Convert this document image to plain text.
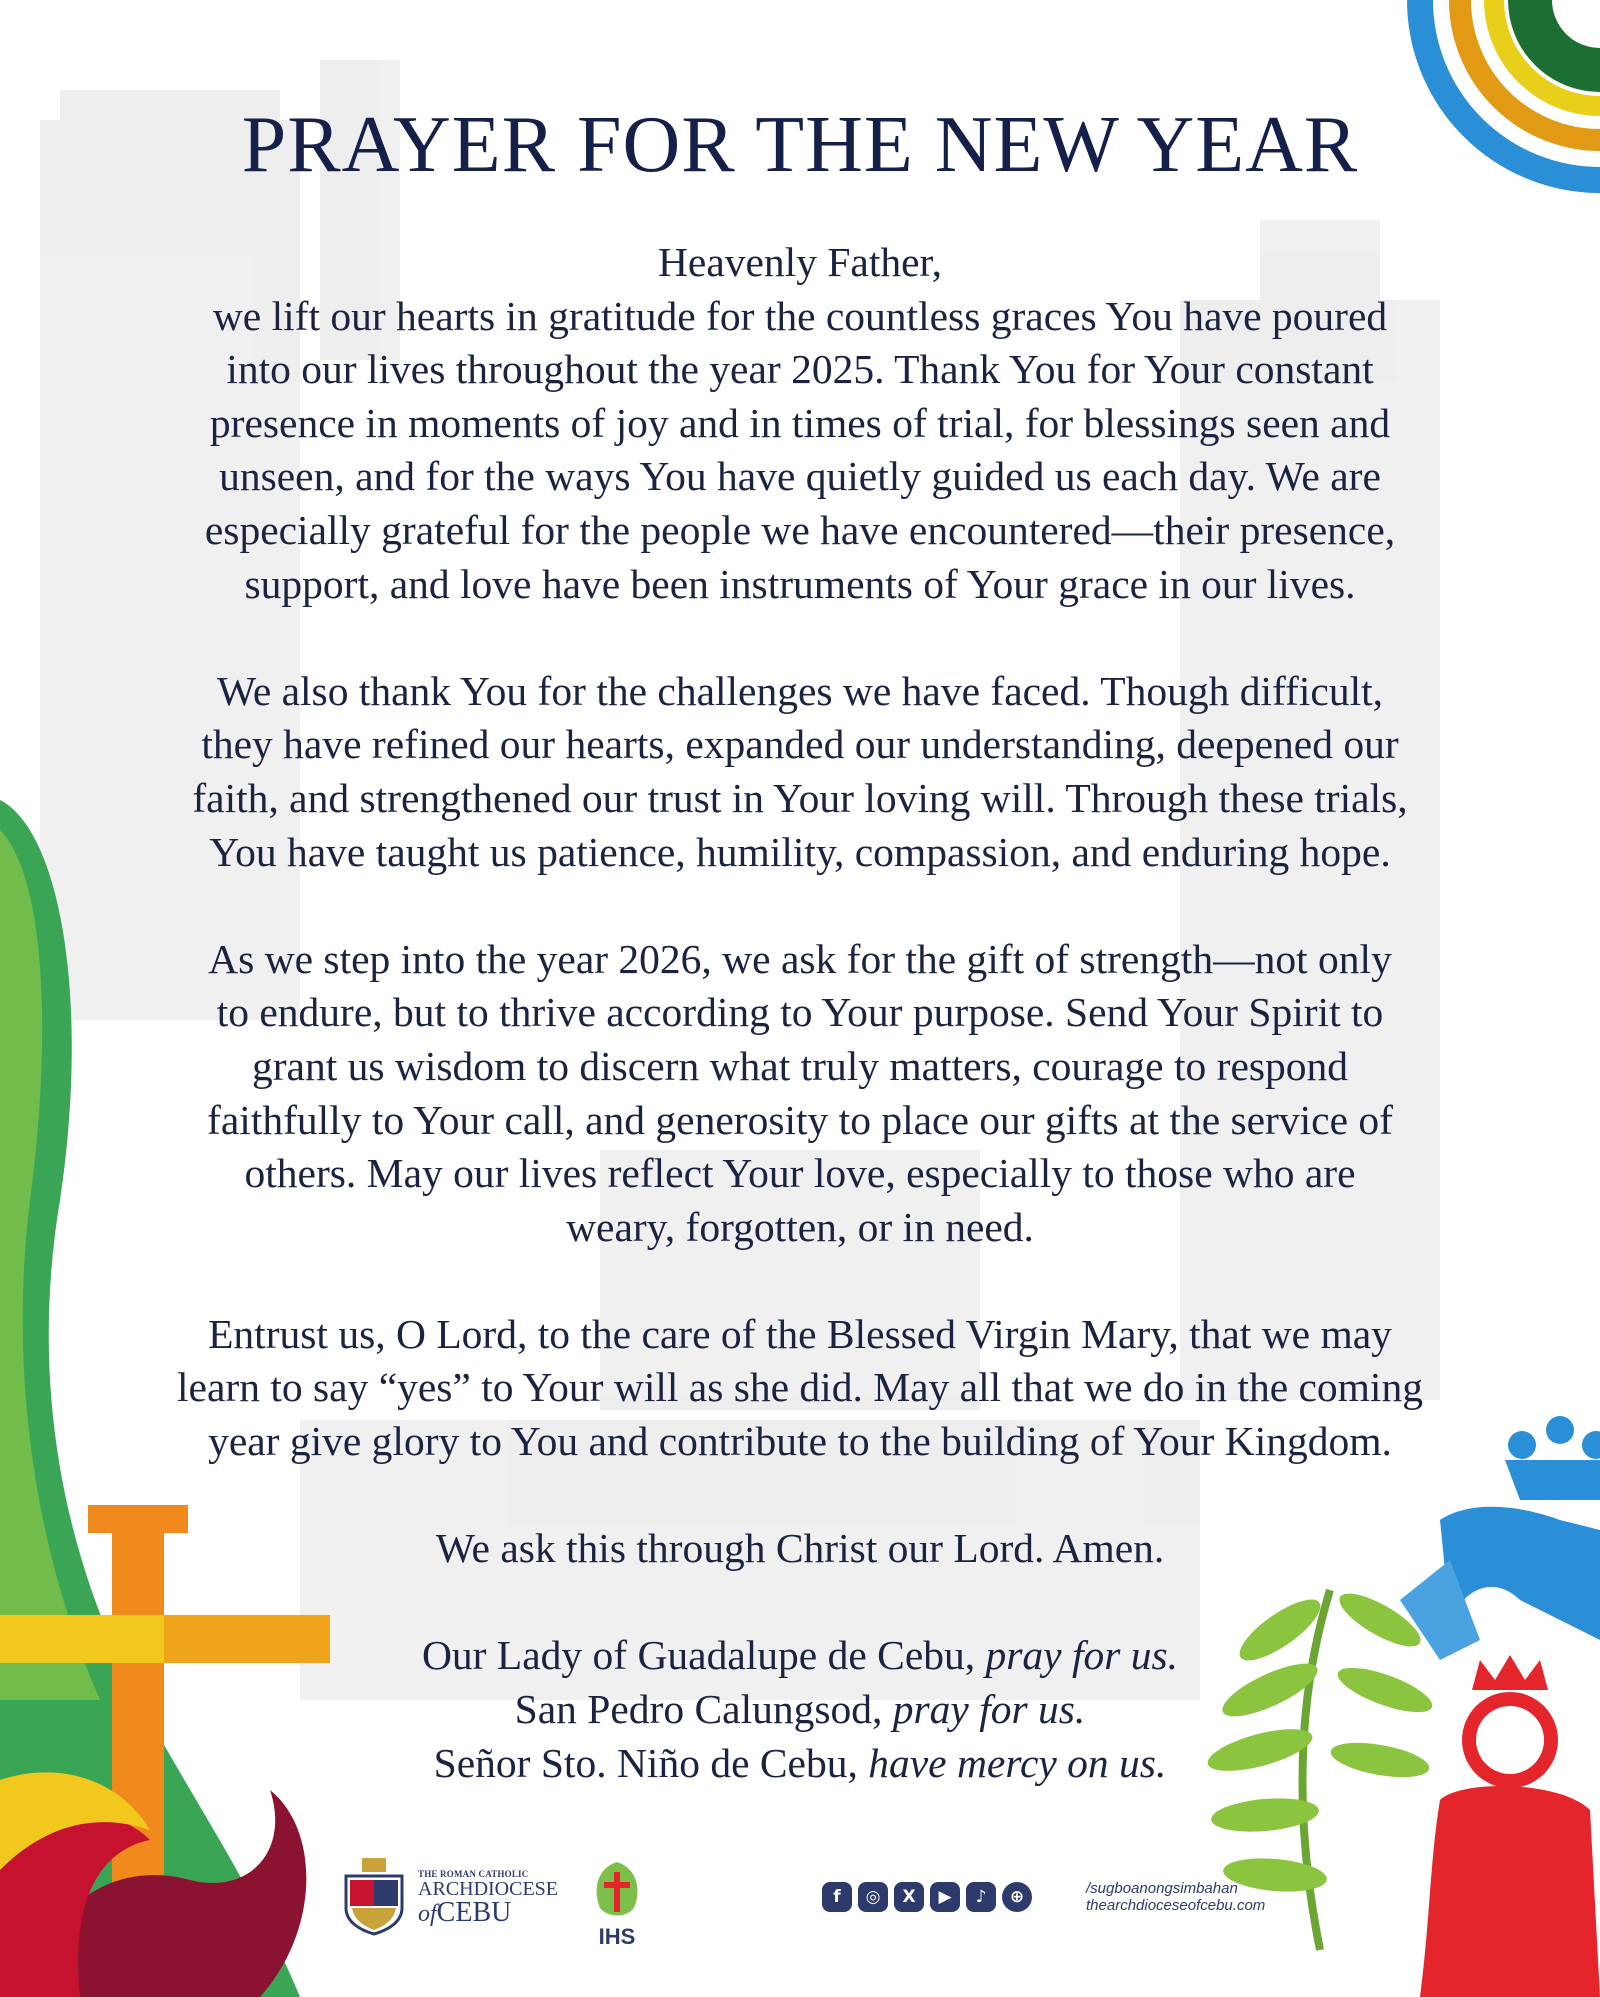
PRAYER FOR THE NEW YEAR

Heavenly Father,
we lift our hearts in gratitude for the countless graces You have poured
into our lives throughout the year 2025. Thank You for Your constant
presence in moments of joy and in times of trial, for blessings seen and
unseen, and for the ways You have quietly guided us each day. We are
especially grateful for the people we have encountered—their presence,
support, and love have been instruments of Your grace in our lives.

We also thank You for the challenges we have faced. Though difficult,
they have refined our hearts, expanded our understanding, deepened our
faith, and strengthened our trust in Your loving will. Through these trials,
You have taught us patience, humility, compassion, and enduring hope.

As we step into the year 2026, we ask for the gift of strength—not only
to endure, but to thrive according to Your purpose. Send Your Spirit to
grant us wisdom to discern what truly matters, courage to respond
faithfully to Your call, and generosity to place our gifts at the service of
others. May our lives reflect Your love, especially to those who are
weary, forgotten, or in need.

Entrust us, O Lord, to the care of the Blessed Virgin Mary, that we may
learn to say “yes” to Your will as she did. May all that we do in the coming
year give glory to You and contribute to the building of Your Kingdom.

We ask this through Christ our Lord. Amen.

Our Lady of Guadalupe de Cebu, pray for us.
San Pedro Calungsod, pray for us.
Señor Sto. Niño de Cebu, have mercy on us.

THE ROMAN CATHOLIC
ARCHDIOCESE
ofCEBU
IHS
f	◎	X	▶	♪	⊕	/sugboanongsimbahan
thearchdioceseofcebu.com
